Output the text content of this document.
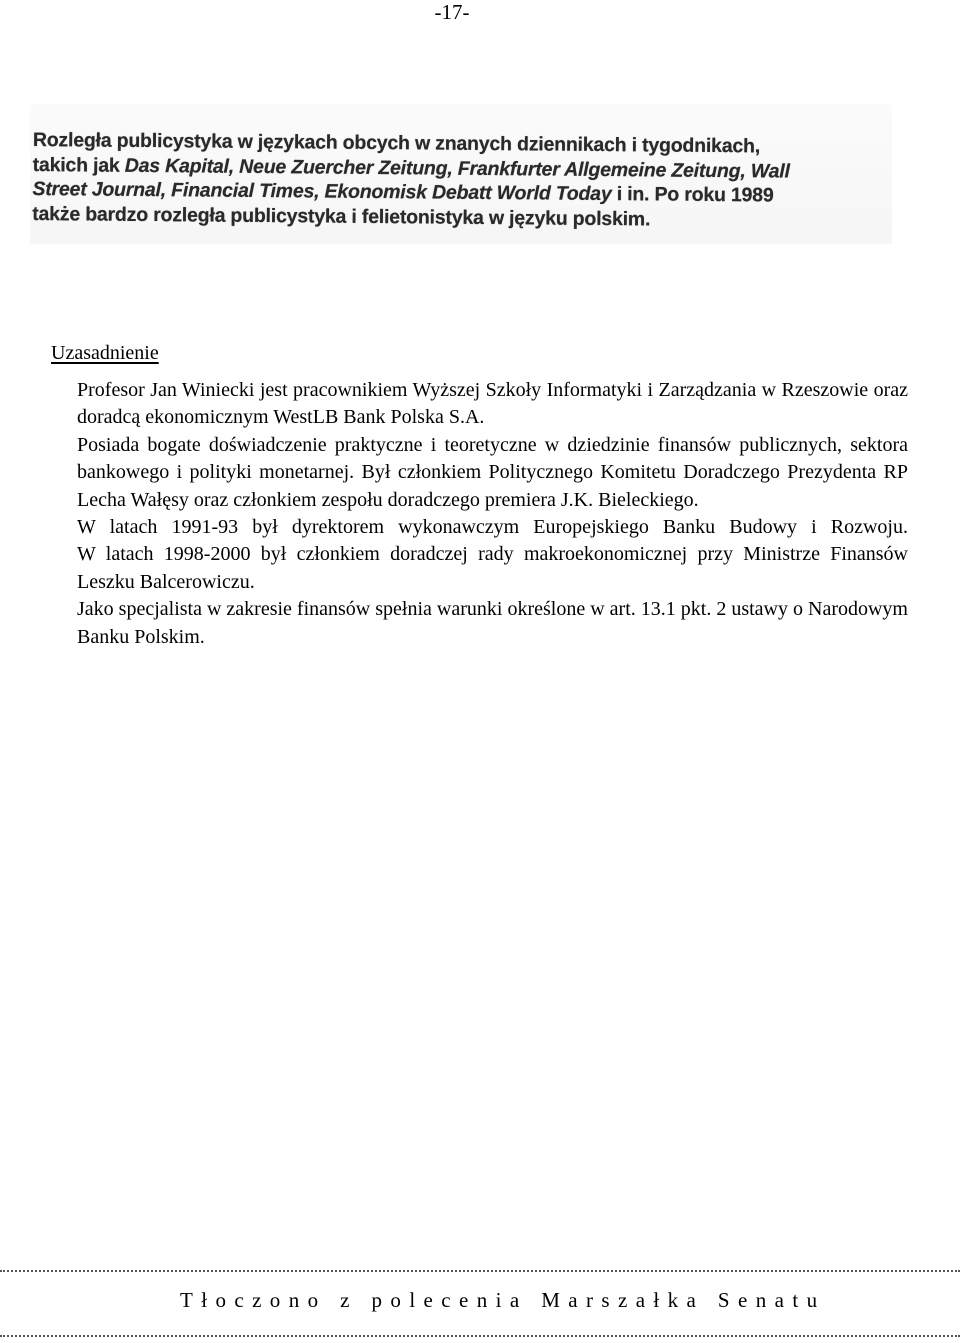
-17-
Rozległa publicystyka w językach obcych w znanych dziennikach i tygodnikach,
takich jak Das Kapital, Neue Zuercher Zeitung, Frankfurter Allgemeine Zeitung, Wall
Street Journal, Financial Times, Ekonomisk Debatt World Today i in. Po roku 1989
także bardzo rozległa publicystyka i felietonistyka w języku polskim.
Uzasadnienie

Profesor Jan Winiecki jest pracownikiem Wyższej Szkoły Informatyki i Zarządzania w Rzeszowie oraz doradcą ekonomicznym WestLB Bank Polska S.A.

Posiada bogate doświadczenie praktyczne i teoretyczne w dziedzinie finansów publicznych, sektora bankowego i polityki monetarnej. Był członkiem Politycznego Komitetu Doradczego Prezydenta RP Lecha Wałęsy oraz członkiem zespołu doradczego premiera J.K. Bieleckiego.

W latach 1991-93 był dyrektorem wykonawczym Europejskiego Banku Budowy i Rozwoju.

W latach 1998-2000 był członkiem doradczej rady makroekonomicznej przy Ministrze Finansów Leszku Balcerowiczu.

Jako specjalista w zakresie finansów spełnia warunki określone w art. 13.1 pkt. 2 ustawy o Narodowym Banku Polskim.

Tłoczono z polecenia Marszałka Senatu
